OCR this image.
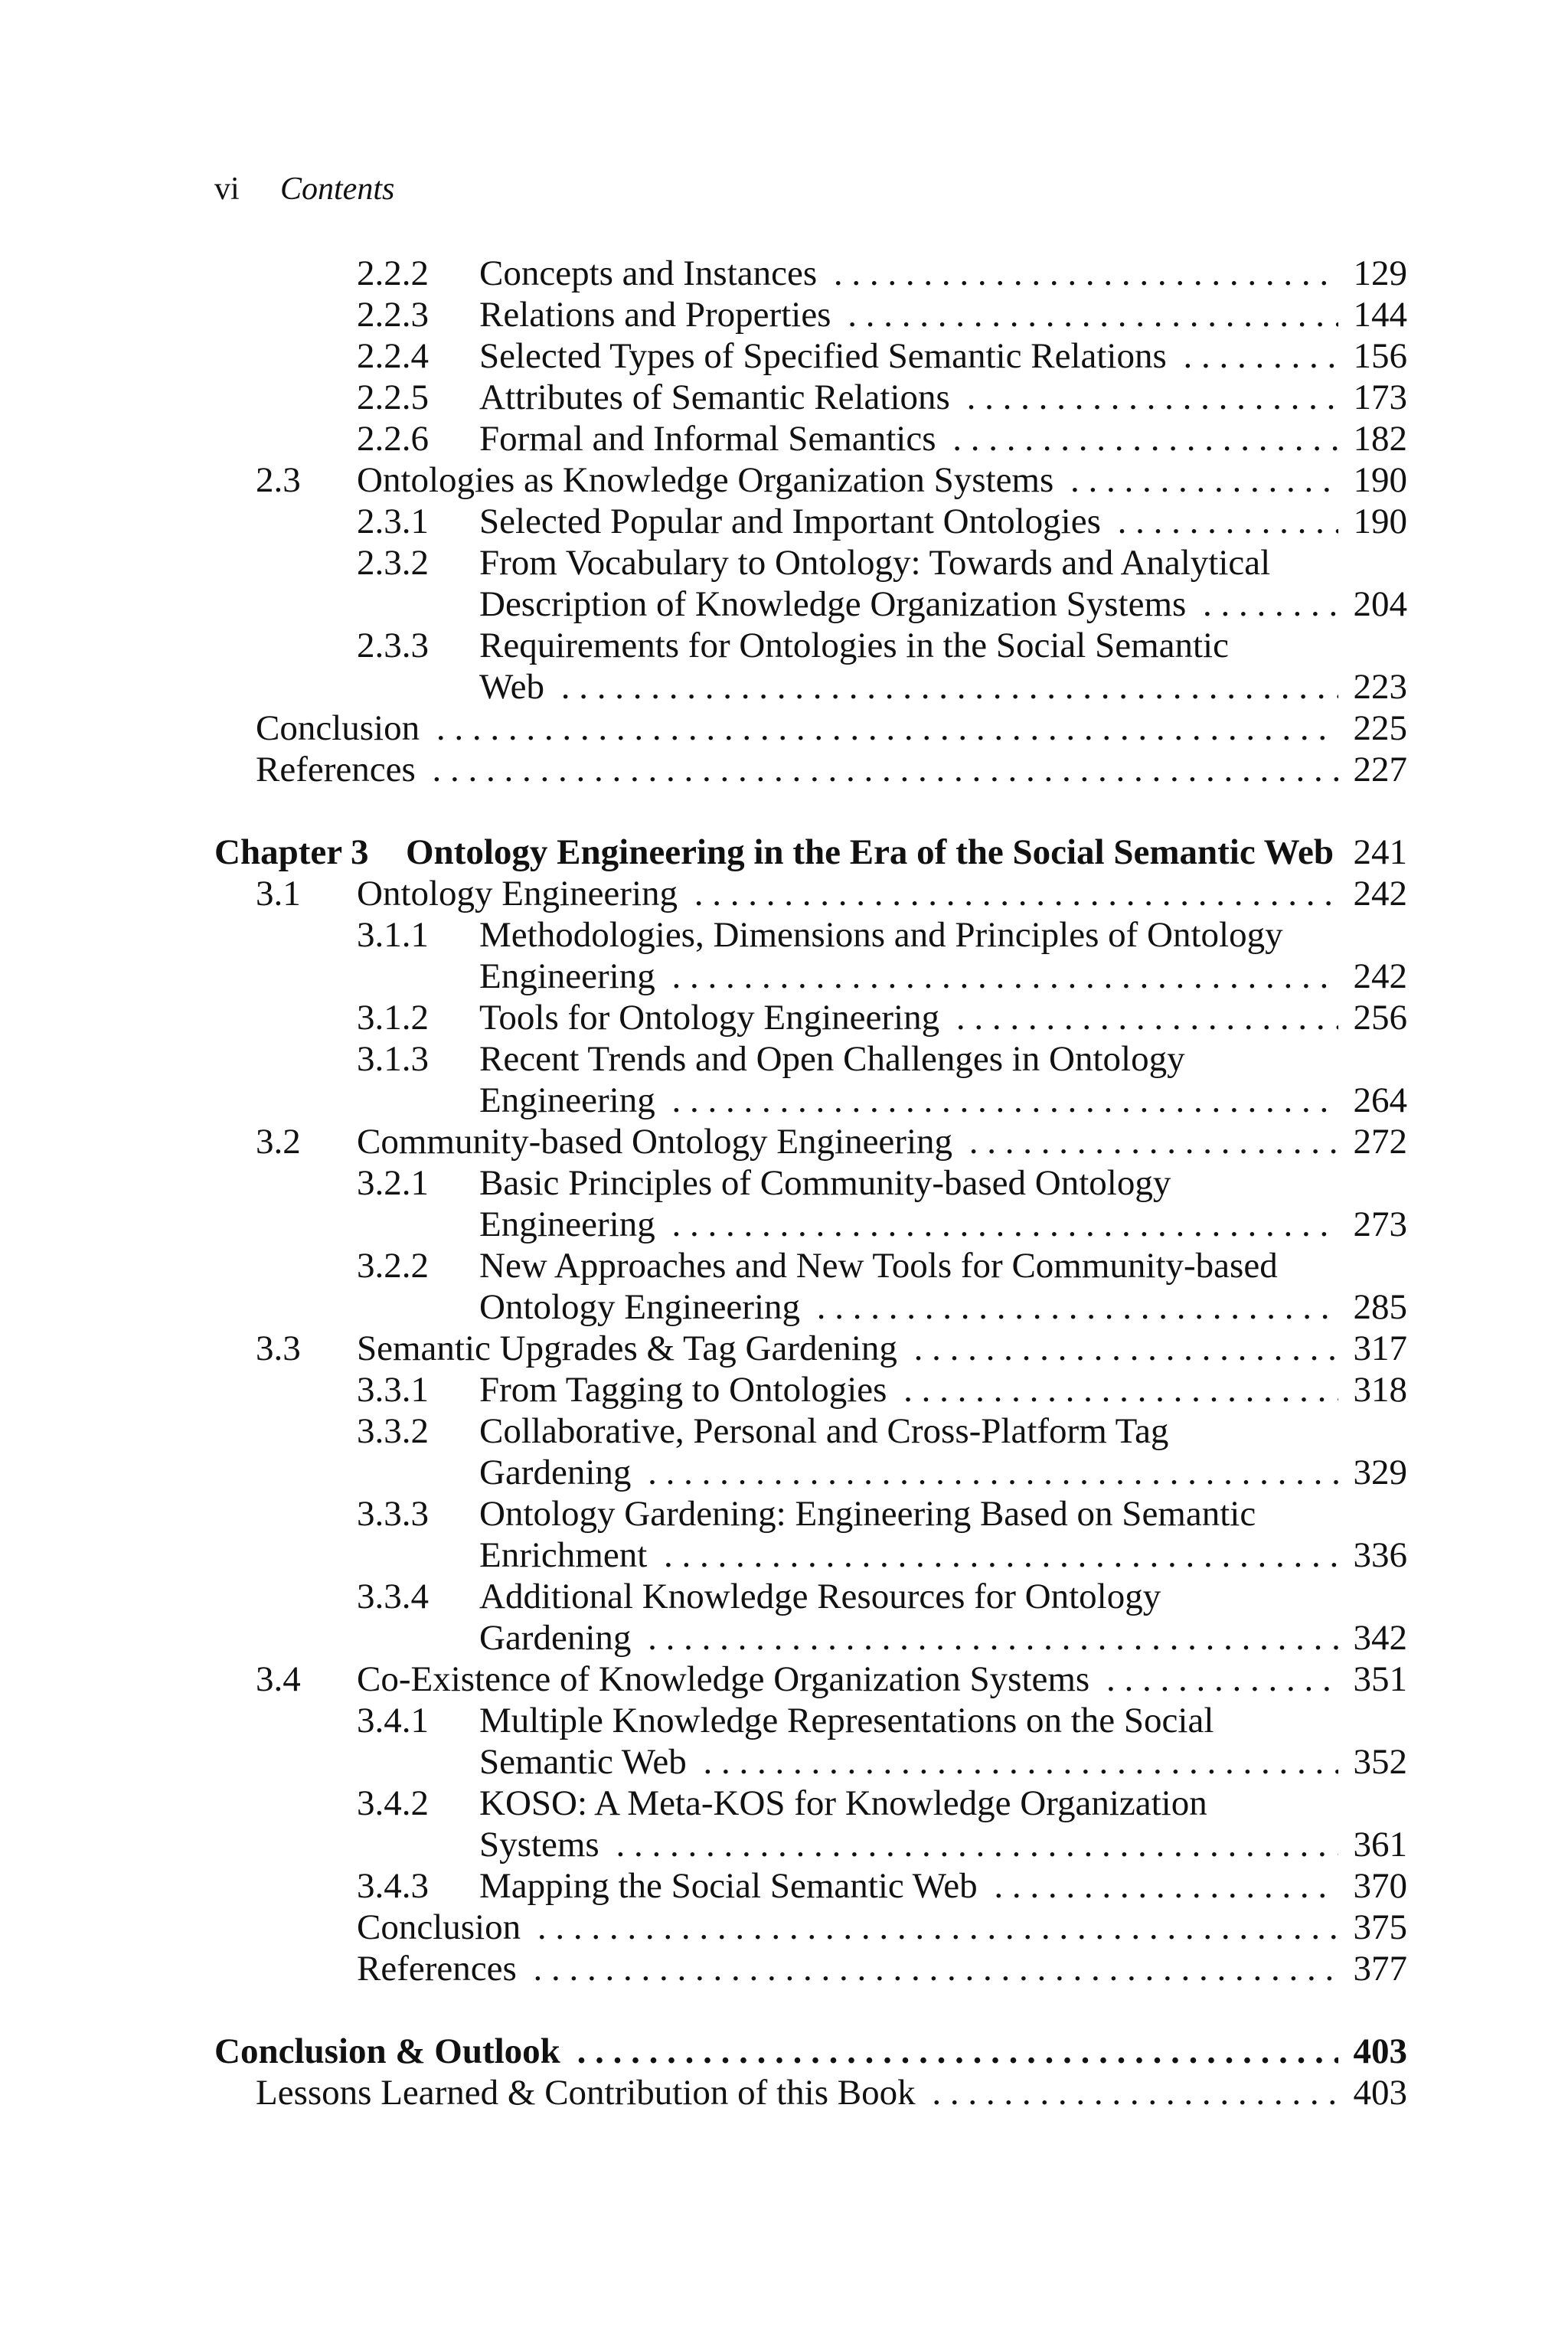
vi Contents
2.2.2 Concepts and Instances . . .	129
2.2.3 Relations and Properties . . .	144
2.2.4 Selected Types of Specified Semantic Relations . . .	156
2.2.5 Attributes of Semantic Relations . . .	173
2.2.6 Formal and Informal Semantics . . .	182
2.3 Ontologies as Knowledge Organization Systems . . .	190
2.3.1 Selected Popular and Important Ontologies . . .	190
2.3.2 From Vocabulary to Ontology: Towards and Analytical
Description of Knowledge Organization Systems . . .	204
2.3.3 Requirements for Ontologies in the Social Semantic
Web . . .	223
Conclusion . . .	225
References . . .	227
Chapter 3 Ontology Engineering in the Era of the Social Semantic Web 241
3.1 Ontology Engineering . . .	242
3.1.1 Methodologies, Dimensions and Principles of Ontology
Engineering . . .	242
3.1.2 Tools for Ontology Engineering . . .	256
3.1.3 Recent Trends and Open Challenges in Ontology
Engineering . . .	264
3.2 Community-based Ontology Engineering . . .	272
3.2.1 Basic Principles of Community-based Ontology
Engineering . . .	273
3.2.2 New Approaches and New Tools for Community-based
Ontology Engineering . . .	285
3.3 Semantic Upgrades & Tag Gardening . . .	317
3.3.1 From Tagging to Ontologies . . .	318
3.3.2 Collaborative, Personal and Cross-Platform Tag
Gardening . . .	329
3.3.3 Ontology Gardening: Engineering Based on Semantic
Enrichment . . .	336
3.3.4 Additional Knowledge Resources for Ontology
Gardening . . .	342
3.4 Co-Existence of Knowledge Organization Systems . . .	351
3.4.1 Multiple Knowledge Representations on the Social
Semantic Web . . .	352
3.4.2 KOSO: A Meta-KOS for Knowledge Organization
Systems . . .	361
3.4.3 Mapping the Social Semantic Web . . .	370
Conclusion . . .	375
References . . .	377
Conclusion & Outlook . . .	403
Lessons Learned & Contribution of this Book . . .	403
